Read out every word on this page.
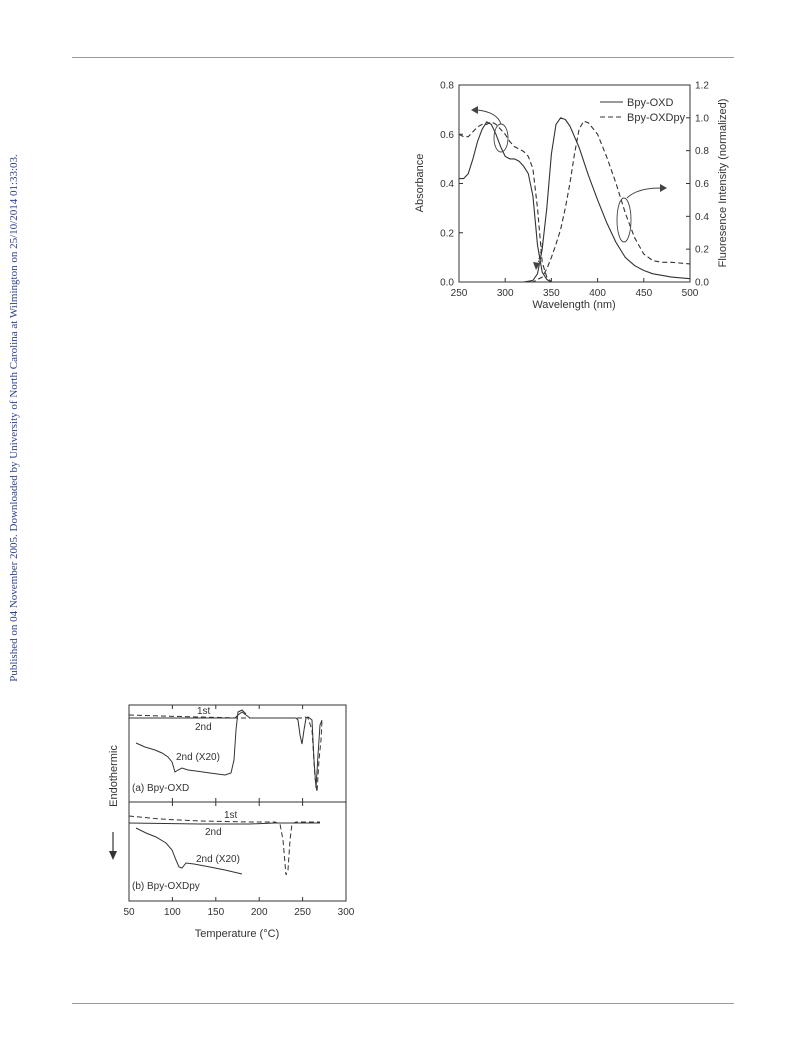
Published on 04 November 2005. Downloaded by University of North Carolina at Wilmington on 25/10/2014 01:33:03.	250	300	350	400	450	500
0.0
0.2
0.4
0.6
0.8
0.0
0.2
0.4
0.6
0.8
1.0
1.2
Bpy-OXD
Bpy-OXDpy
Wavelength (nm)
Absorbance	Fluoresence Intensity (normalized)
50	100	150	200	250	300
1st
2nd
2nd (X20)
(a) Bpy-OXD
1st
2nd
2nd (X20)
(b) Bpy-OXDpy
Temperature (°C)
Endothermic
